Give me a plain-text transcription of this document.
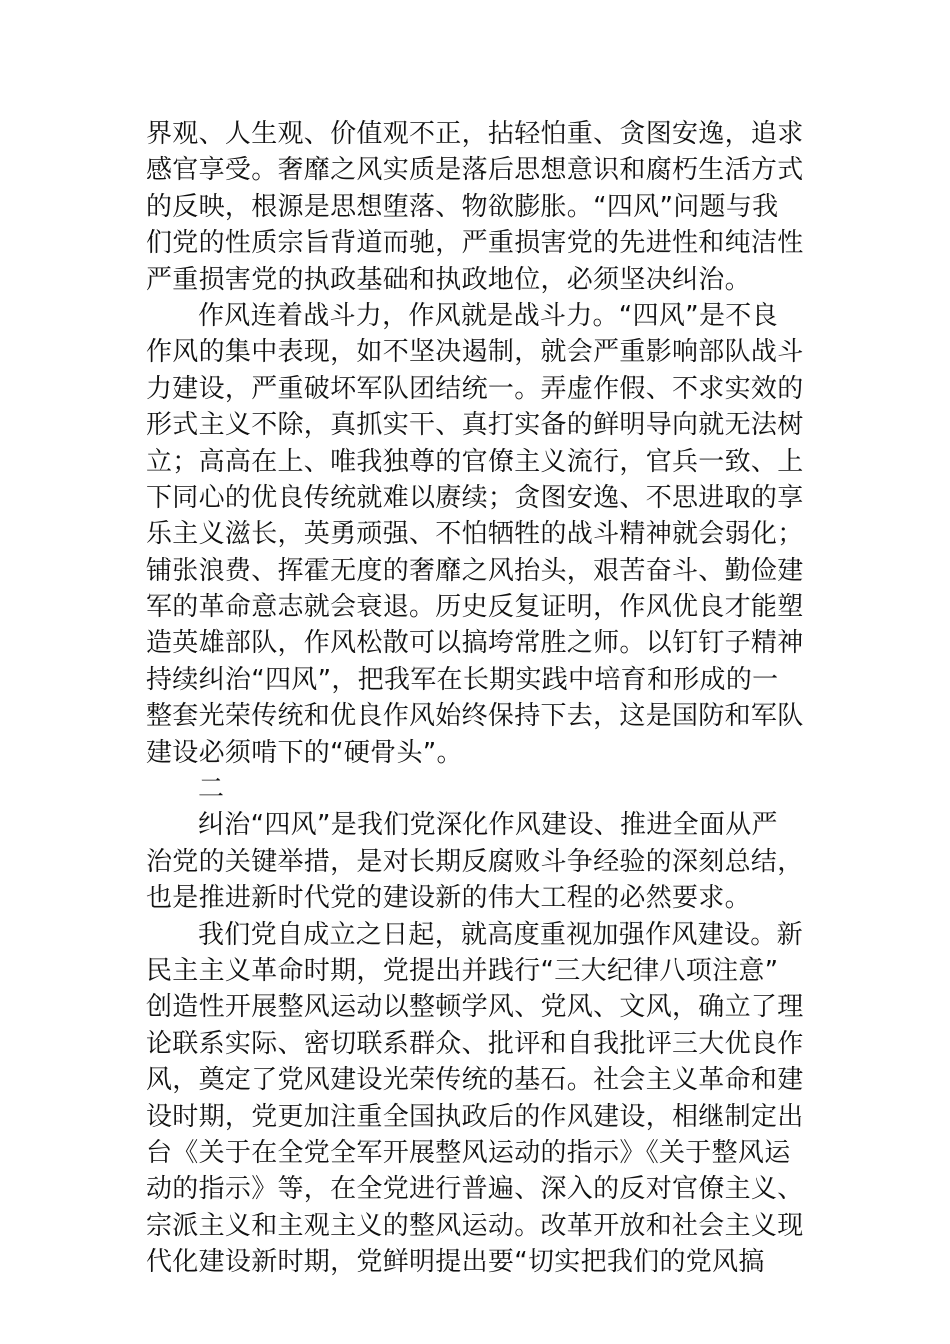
界观、人生观、价值观不正，拈轻怕重、贪图安逸，追求
感官享受。奢靡之风实质是落后思想意识和腐朽生活方式
的反映，根源是思想堕落、物欲膨胀。“四风”问题与我
们党的性质宗旨背道而驰，严重损害党的先进性和纯洁性
严重损害党的执政基础和执政地位，必须坚决纠治。
作风连着战斗力，作风就是战斗力。“四风”是不良
作风的集中表现，如不坚决遏制，就会严重影响部队战斗
力建设，严重破坏军队团结统一。弄虚作假、不求实效的
形式主义不除，真抓实干、真打实备的鲜明导向就无法树
立；高高在上、唯我独尊的官僚主义流行，官兵一致、上
下同心的优良传统就难以赓续；贪图安逸、不思进取的享
乐主义滋长，英勇顽强、不怕牺牲的战斗精神就会弱化；
铺张浪费、挥霍无度的奢靡之风抬头，艰苦奋斗、勤俭建
军的革命意志就会衰退。历史反复证明，作风优良才能塑
造英雄部队，作风松散可以搞垮常胜之师。以钉钉子精神
持续纠治“四风”，把我军在长期实践中培育和形成的一
整套光荣传统和优良作风始终保持下去，这是国防和军队
建设必须啃下的“硬骨头”。
二
纠治“四风”是我们党深化作风建设、推进全面从严
治党的关键举措，是对长期反腐败斗争经验的深刻总结，
也是推进新时代党的建设新的伟大工程的必然要求。
我们党自成立之日起，就高度重视加强作风建设。新
民主主义革命时期，党提出并践行“三大纪律八项注意”
创造性开展整风运动以整顿学风、党风、文风，确立了理
论联系实际、密切联系群众、批评和自我批评三大优良作
风，奠定了党风建设光荣传统的基石。社会主义革命和建
设时期，党更加注重全国执政后的作风建设，相继制定出
台《关于在全党全军开展整风运动的指示》《关于整风运
动的指示》等，在全党进行普遍、深入的反对官僚主义、
宗派主义和主观主义的整风运动。改革开放和社会主义现
代化建设新时期，党鲜明提出要“切实把我们的党风搞
